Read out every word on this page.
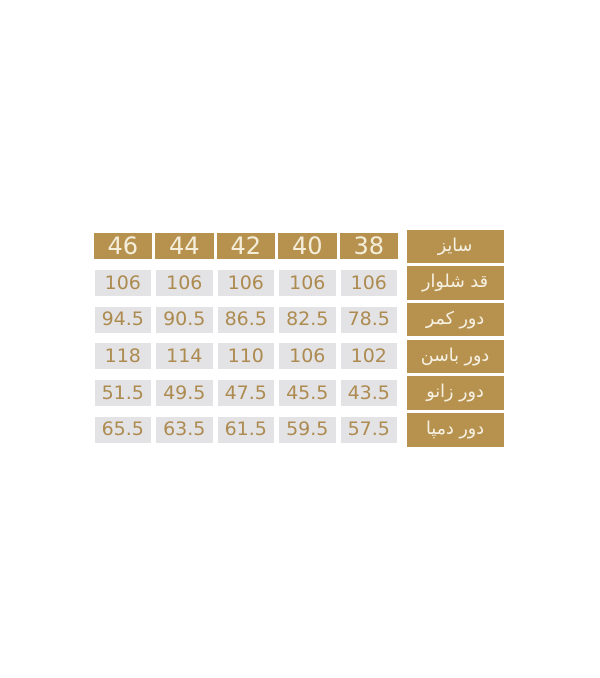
46	44	42	40	38	سایز
106	106	106	106	106	قد شلوار
94.5	90.5	86.5	82.5	78.5	دور کمر
118	114	110	106	102	دور باسن
51.5	49.5	47.5	45.5	43.5	دور زانو
65.5	63.5	61.5	59.5	57.5	دور دمپا
